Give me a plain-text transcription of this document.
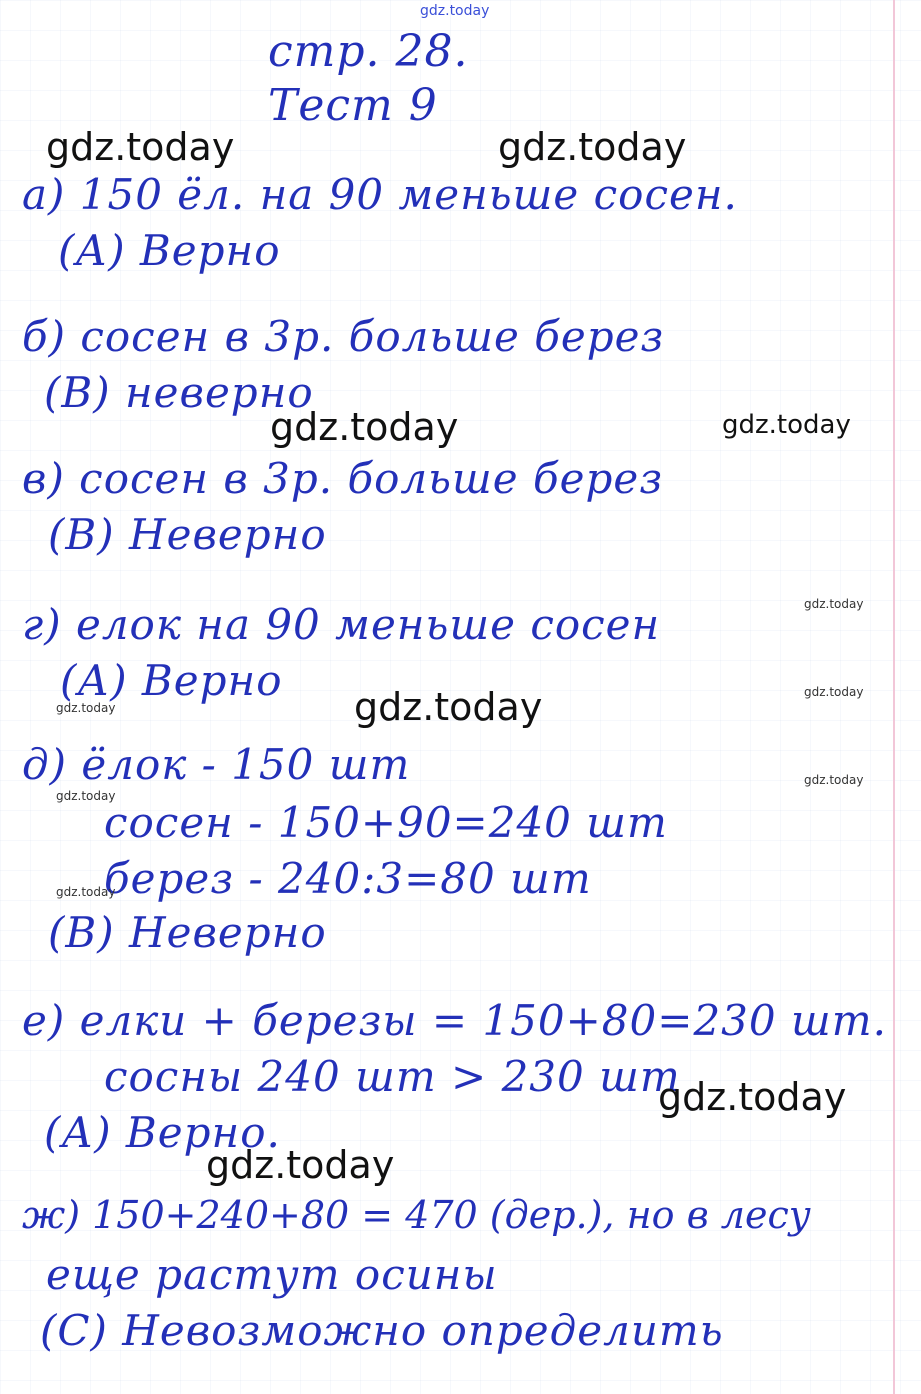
стр. 28.
Тест 9
а) 150 ёл. на 90 меньше сосен.
(А) Верно
б) сосен в 3р. больше берез
(В) неверно
в) сосен в 3р. больше берез
(В) Неверно
г) елок на 90 меньше сосен
(А) Верно
д) ёлок - 150 шт
сосен - 150+90=240 шт
берез - 240:3=80 шт
(В) Неверно
е) елки + березы = 150+80=230 шт.
сосны 240 шт > 230 шт
(А) Верно.
ж) 150+240+80 = 470 (дер.), но в лесу
еще растут осины
(С) Невозможно определить
gdz.today
gdz.today	gdz.today
gdz.today	gdz.today
gdz.today
gdz.today
gdz.today
gdz.today
gdz.today
gdz.today
gdz.today
gdz.today
gdz.today
